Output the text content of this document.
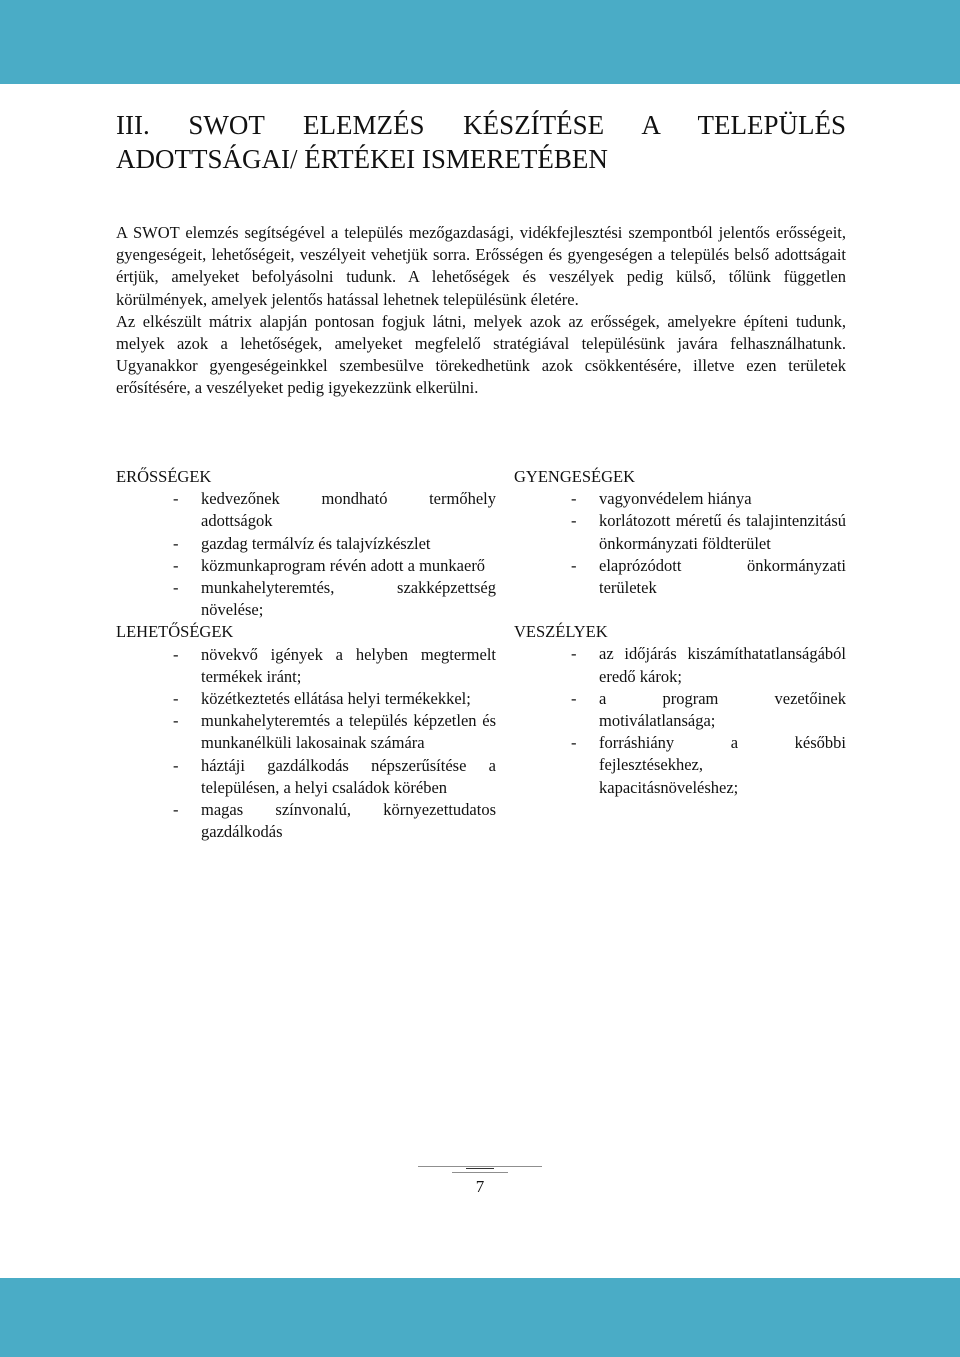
III. SWOT ELEMZÉS KÉSZÍTÉSE A TELEPÜLÉS ADOTTSÁGAI/ ÉRTÉKEI ISMERETÉBEN

A SWOT elemzés segítségével a település mezőgazdasági, vidékfejlesztési szempontból jelentős erősségeit, gyengeségeit, lehetőségeit, veszélyeit vehetjük sorra. Erősségen és gyengeségen a település belső adottságait értjük, amelyeket befolyásolni tudunk. A lehetőségek és veszélyek pedig külső, tőlünk független körülmények, amelyek jelentős hatással lehetnek településünk életére.

Az elkészült mátrix alapján pontosan fogjuk látni, melyek azok az erősségek, amelyekre építeni tudunk, melyek azok a lehetőségek, amelyeket megfelelő stratégiával településünk javára felhasználhatunk. Ugyanakkor gyengeségeinkkel szembesülve törekedhetünk azok csökkentésére, illetve ezen területek erősítésére, a veszélyeket pedig igyekezzünk elkerülni.

ERŐSSÉGEK
- kedvezőnek mondható termőhely adottságok
- gazdag termálvíz és talajvízkészlet
- közmunkaprogram révén adott a munkaerő
- munkahelyteremtés, szakképzettség növelése;
LEHETŐSÉGEK
- növekvő igények a helyben megtermelt termékek iránt;
- közétkeztetés ellátása helyi termékekkel;
- munkahelyteremtés a település képzetlen és munkanélküli lakosainak számára
- háztáji gazdálkodás népszerűsítése a településen, a helyi családok körében
- magas színvonalú, környezettudatos gazdálkodás
GYENGESÉGEK
- vagyonvédelem hiánya
- korlátozott méretű és talajintenzitású önkormányzati földterület
- elaprózódott önkormányzati területek
VESZÉLYEK
- az időjárás kiszámíthatatlanságából eredő károk;
- a program vezetőinek motiválatlansága;
- forráshiány a későbbi fejlesztésekhez, kapacitásnöveléshez;
7
